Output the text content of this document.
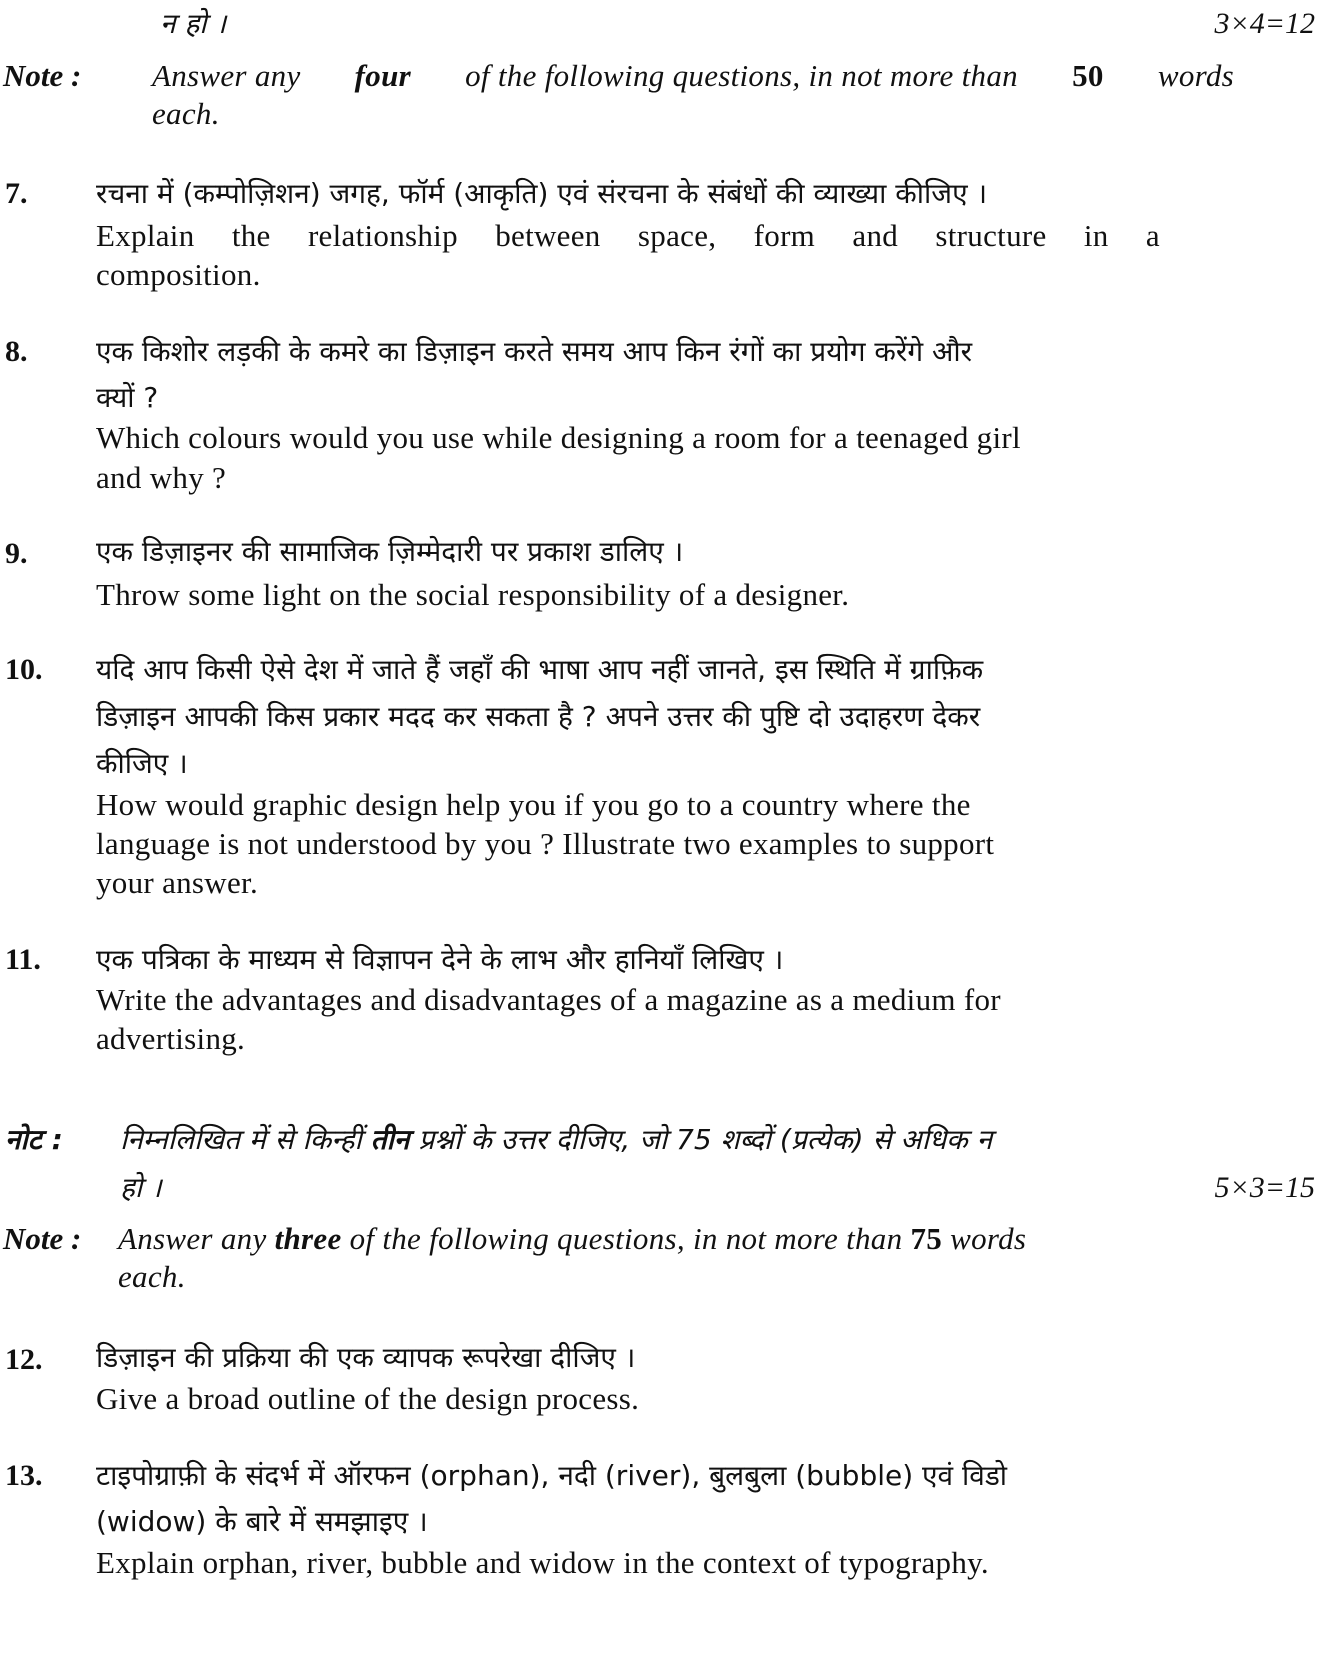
न हो ।	3×4=12
Note : Answer any four of the following questions, in not more than 50 words
each.
7. रचना में (कम्पोज़िशन) जगह, फॉर्म (आकृति) एवं संरचना के संबंधों की व्याख्या कीजिए ।
Explain the relationship between space, form and structure in a
composition.
8. एक किशोर लड़की के कमरे का डिज़ाइन करते समय आप किन रंगों का प्रयोग करेंगे और
क्यों ?
Which colours would you use while designing a room for a teenaged girl
and why ?
9. एक डिज़ाइनर की सामाजिक ज़िम्मेदारी पर प्रकाश डालिए ।
Throw some light on the social responsibility of a designer.
10. यदि आप किसी ऐसे देश में जाते हैं जहाँ की भाषा आप नहीं जानते, इस स्थिति में ग्राफ़िक
डिज़ाइन आपकी किस प्रकार मदद कर सकता है ? अपने उत्तर की पुष्टि दो उदाहरण देकर
कीजिए ।
How would graphic design help you if you go to a country where the
language is not understood by you ? Illustrate two examples to support
your answer.
11. एक पत्रिका के माध्यम से विज्ञापन देने के लाभ और हानियाँ लिखिए ।
Write the advantages and disadvantages of a magazine as a medium for
advertising.
नोट : निम्नलिखित में से किन्हीं तीन प्रश्नों के उत्तर दीजिए, जो 75 शब्दों (प्रत्येक) से अधिक न
हो ।	5×3=15
Note : Answer any three of the following questions, in not more than 75 words
each.
12. डिज़ाइन की प्रक्रिया की एक व्यापक रूपरेखा दीजिए ।
Give a broad outline of the design process.
13. टाइपोग्राफ़ी के संदर्भ में ऑरफन (orphan), नदी (river), बुलबुला (bubble) एवं विडो
(widow) के बारे में समझाइए ।
Explain orphan, river, bubble and widow in the context of typography.
